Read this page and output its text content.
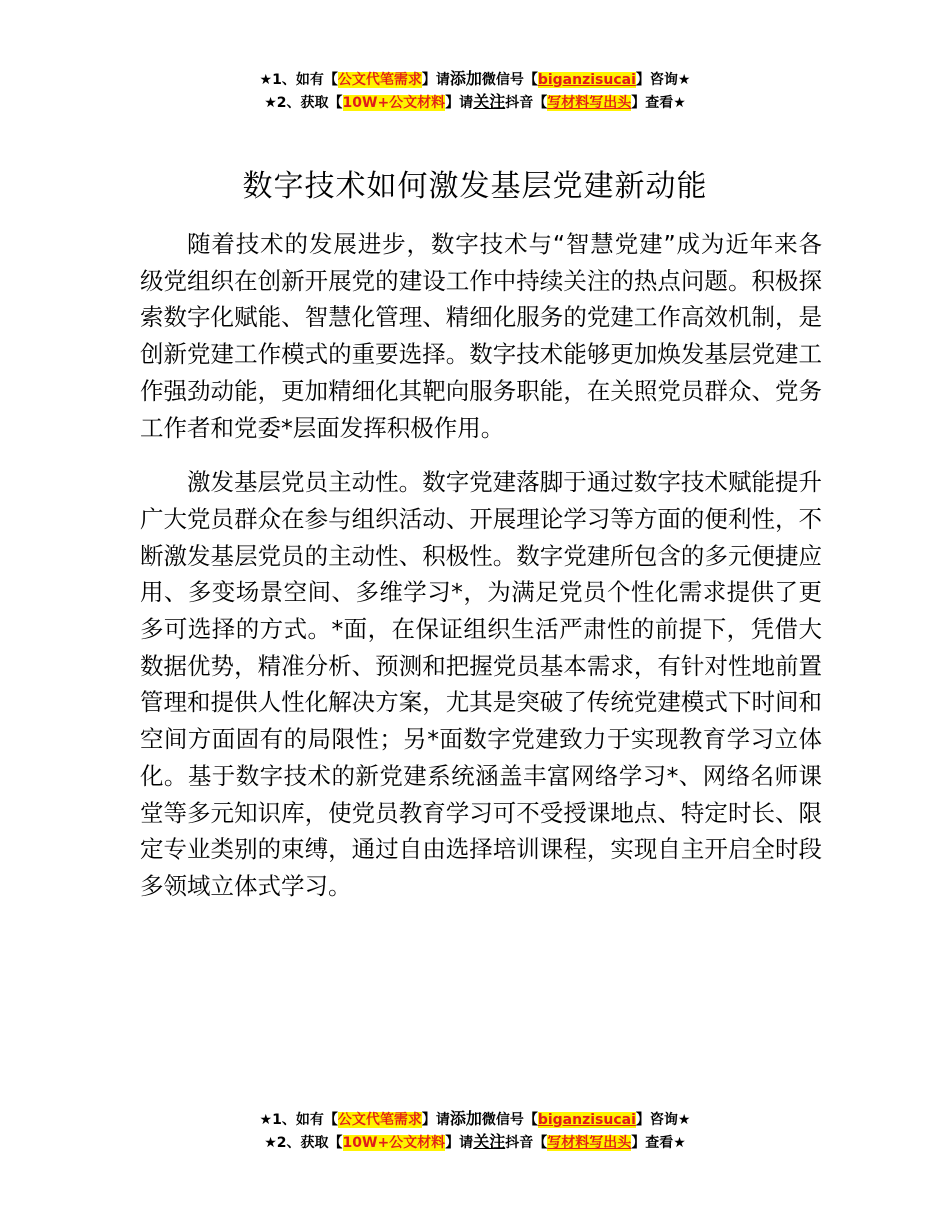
★1、如有【公文代笔需求】请添加微信号【biganzisucai】咨询★
★2、获取【10W+公文材料】请关注抖音【写材料写出头】查看★
数字技术如何激发基层党建新动能

随着技术的发展进步，数字技术与“智慧党建”成为近年来各级党组织在创新开展党的建设工作中持续关注的热点问题。积极探索数字化赋能、智慧化管理、精细化服务的党建工作高效机制，是创新党建工作模式的重要选择。数字技术能够更加焕发基层党建工作强劲动能，更加精细化其靶向服务职能，在关照党员群众、党务工作者和党委*层面发挥积极作用。

激发基层党员主动性。数字党建落脚于通过数字技术赋能提升广大党员群众在参与组织活动、开展理论学习等方面的便利性，不断激发基层党员的主动性、积极性。数字党建所包含的多元便捷应用、多变场景空间、多维学习*，为满足党员个性化需求提供了更多可选择的方式。*面，在保证组织生活严肃性的前提下，凭借大数据优势，精准分析、预测和把握党员基本需求，有针对性地前置管理和提供人性化解决方案，尤其是突破了传统党建模式下时间和空间方面固有的局限性；另*面数字党建致力于实现教育学习立体化。基于数字技术的新党建系统涵盖丰富网络学习*、网络名师课堂等多元知识库，使党员教育学习可不受授课地点、特定时长、限定专业类别的束缚，通过自由选择培训课程，实现自主开启全时段多领域立体式学习。

★1、如有【公文代笔需求】请添加微信号【biganzisucai】咨询★
★2、获取【10W+公文材料】请关注抖音【写材料写出头】查看★
